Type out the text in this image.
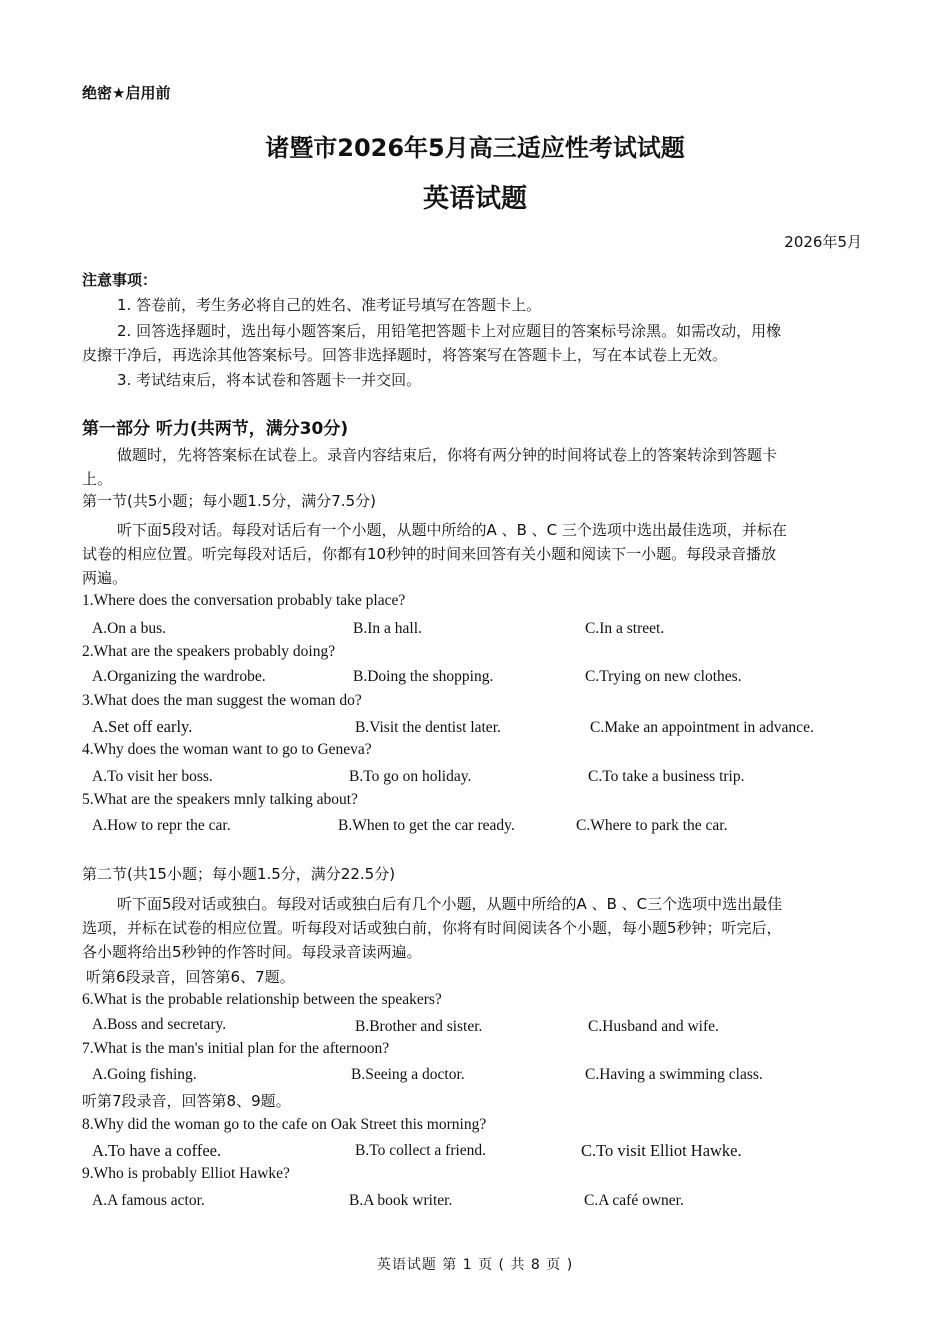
绝密★启用前
诸暨市2026年5月高三适应性考试试题
英语试题
2026年5月
注意事项：
1. 答卷前，考生务必将自己的姓名、准考证号填写在答题卡上。
2. 回答选择题时，选出每小题答案后，用铅笔把答题卡上对应题目的答案标号涂黑。如需改动，用橡
皮擦干净后，再选涂其他答案标号。回答非选择题时，将答案写在答题卡上，写在本试卷上无效。
3. 考试结束后，将本试卷和答题卡一并交回。
第一部分 听力(共两节，满分30分)
做题时，先将答案标在试卷上。录音内容结束后，你将有两分钟的时间将试卷上的答案转涂到答题卡
上。
第一节(共5小题；每小题1.5分，满分7.5分)
听下面5段对话。每段对话后有一个小题，从题中所给的A 、B 、C 三个选项中选出最佳选项，并标在
试卷的相应位置。听完每段对话后，你都有10秒钟的时间来回答有关小题和阅读下一小题。每段录音播放
两遍。
1.Where does the conversation probably take place?
A.On a bus.	B.In a hall.	C.In a street.
2.What are the speakers probably doing?
A.Organizing the wardrobe.	B.Doing the shopping.	C.Trying on new clothes.
3.What does the man suggest the woman do?
A.Set off early.	B.Visit the dentist later.	C.Make an appointment in advance.
4.Why does the woman want to go to Geneva?
A.To visit her boss.	B.To go on holiday.	C.To take a business trip.
5.What are the speakers mnly talking about?
A.How to repr the car.	B.When to get the car ready.	C.Where to park the car.
第二节(共15小题；每小题1.5分，满分22.5分)
听下面5段对话或独白。每段对话或独白后有几个小题，从题中所给的A 、B 、C三个选项中选出最佳
选项，并标在试卷的相应位置。听每段对话或独白前，你将有时间阅读各个小题，每小题5秒钟；听完后，
各小题将给出5秒钟的作答时间。每段录音读两遍。
听第6段录音，回答第6、7题。
6.What is the probable relationship between the speakers?
A.Boss and secretary.	B.Brother and sister.	C.Husband and wife.
7.What is the man's initial plan for the afternoon?
A.Going fishing.	B.Seeing a doctor.	C.Having a swimming class.
听第7段录音，回答第8、9题。
8.Why did the woman go to the cafe on Oak Street this morning?
A.To have a coffee.	B.To collect a friend.	C.To visit Elliot Hawke.
9.Who is probably Elliot Hawke?
A.A famous actor.	B.A book writer.	C.A café owner.
英语试题 第 1 页 ( 共 8 页 )
